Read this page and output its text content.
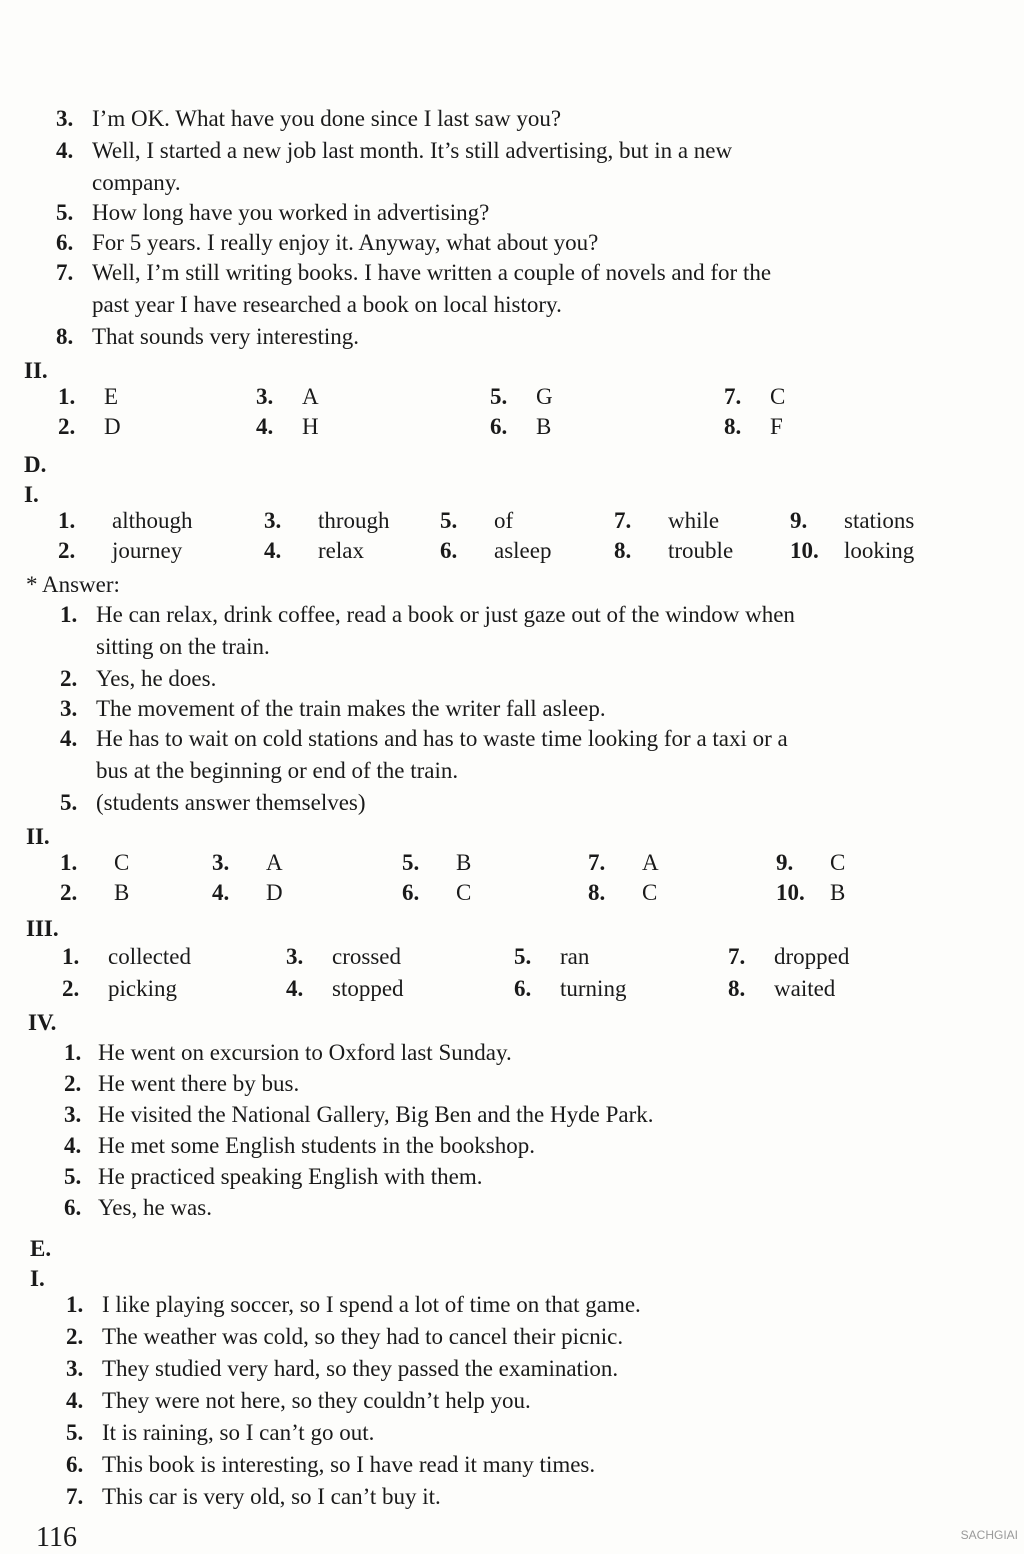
3. I’m OK. What have you done since I last saw you?
4. Well, I started a new job last month. It’s still advertising, but in a new
company.
5. How long have you worked in advertising?
6. For 5 years. I really enjoy it. Anyway, what about you?
7. Well, I’m still writing books. I have written a couple of novels and for the
past year I have researched a book on local history.
8. That sounds very interesting.
II.
1. E	3. A	5. G	7. C
2. D	4. H	6. B	8. F
D.
I.
1. although	3. through 5. of	7. while	9. stations
2. journey	4. relax	6. asleep	8. trouble 10. looking
* Answer:
1. He can relax, drink coffee, read a book or just gaze out of the window when
sitting on the train.
2. Yes, he does.
3. The movement of the train makes the writer fall asleep.
4. He has to wait on cold stations and has to waste time looking for a taxi or a
bus at the beginning or end of the train.
5. (students answer themselves)
II.
1. C	3. A	5. B	7. A	9. C
2. B	4. D	6. C	8. C	10. B
III.
1. collected	3. crossed	5. ran	7. dropped
2. picking	4. stopped	6. turning	8. waited
IV.
1. He went on excursion to Oxford last Sunday.
2. He went there by bus.
3. He visited the National Gallery, Big Ben and the Hyde Park.
4. He met some English students in the bookshop.
5. He practiced speaking English with them.
6. Yes, he was.
E.
I.
1. I like playing soccer, so I spend a lot of time on that game.
2. The weather was cold, so they had to cancel their picnic.
3. They studied very hard, so they passed the examination.
4. They were not here, so they couldn’t help you.
5. It is raining, so I can’t go out.
6. This book is interesting, so I have read it many times.
7. This car is very old, so I can’t buy it.
116	SACHGIAI
